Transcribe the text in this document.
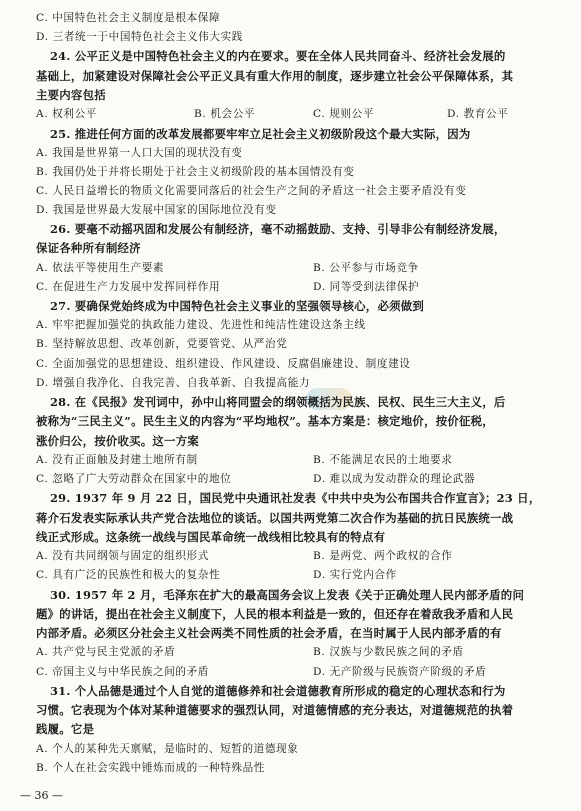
C. 中国特色社会主义制度是根本保障
D. 三者统一于中国特色社会主义伟大实践
24. 公平正义是中国特色社会主义的内在要求。要在全体人民共同奋斗、经济社会发展的
基础上，加紧建设对保障社会公平正义具有重大作用的制度，逐步建立社会公平保障体系，其
主要内容包括
A. 权利公平	B. 机会公平	C. 规则公平	D. 教育公平
25. 推进任何方面的改革发展都要牢牢立足社会主义初级阶段这个最大实际，因为
A. 我国是世界第一人口大国的现状没有变
B. 我国仍处于并将长期处于社会主义初级阶段的基本国情没有变
C. 人民日益增长的物质文化需要同落后的社会生产之间的矛盾这一社会主要矛盾没有变
D. 我国是世界最大发展中国家的国际地位没有变
26. 要毫不动摇巩固和发展公有制经济，毫不动摇鼓励、支持、引导非公有制经济发展，
保证各种所有制经济
A. 依法平等使用生产要素	B. 公平参与市场竞争
C. 在促进生产力发展中发挥同样作用	D. 同等受到法律保护
27. 要确保党始终成为中国特色社会主义事业的坚强领导核心，必须做到
A. 牢牢把握加强党的执政能力建设、先进性和纯洁性建设这条主线
B. 坚持解放思想、改革创新，党要管党、从严治党
C. 全面加强党的思想建设、组织建设、作风建设、反腐倡廉建设、制度建设
D. 增强自我净化、自我完善、自我革新、自我提高能力
28. 在《民报》发刊词中，孙中山将同盟会的纲领概括为民族、民权、民生三大主义，后
被称为“三民主义”。民生主义的内容为“平均地权”。基本方案是：核定地价，按价征税，
涨价归公，按价收买。这一方案
A. 没有正面触及封建土地所有制	B. 不能满足农民的土地要求
C. 忽略了广大劳动群众在国家中的地位	D. 难以成为发动群众的理论武器
29. 1937 年 9 月 22 日，国民党中央通讯社发表《中共中央为公布国共合作宣言》；23 日，
蒋介石发表实际承认共产党合法地位的谈话。以国共两党第二次合作为基础的抗日民族统一战
线正式形成。这条统一战线与国民革命统一战线相比较具有的特点有
A. 没有共同纲领与固定的组织形式	B. 是两党、两个政权的合作
C. 具有广泛的民族性和极大的复杂性	D. 实行党内合作
30. 1957 年 2 月，毛泽东在扩大的最高国务会议上发表《关于正确处理人民内部矛盾的问
题》的讲话，提出在社会主义制度下，人民的根本利益是一致的，但还存在着敌我矛盾和人民
内部矛盾。必须区分社会主义社会两类不同性质的社会矛盾，在当时属于人民内部矛盾的有
A. 共产党与民主党派的矛盾	B. 汉族与少数民族之间的矛盾
C. 帝国主义与中华民族之间的矛盾	D. 无产阶级与民族资产阶级的矛盾
31. 个人品德是通过个人自觉的道德修养和社会道德教育所形成的稳定的心理状态和行为
习惯。它表现为个体对某种道德要求的强烈认同，对道德情感的充分表达，对道德规范的执着
践履。它是
A. 个人的某种先天禀赋，是临时的、短暂的道德现象
B. 个人在社会实践中锤炼而成的一种特殊品性
— 36 —
